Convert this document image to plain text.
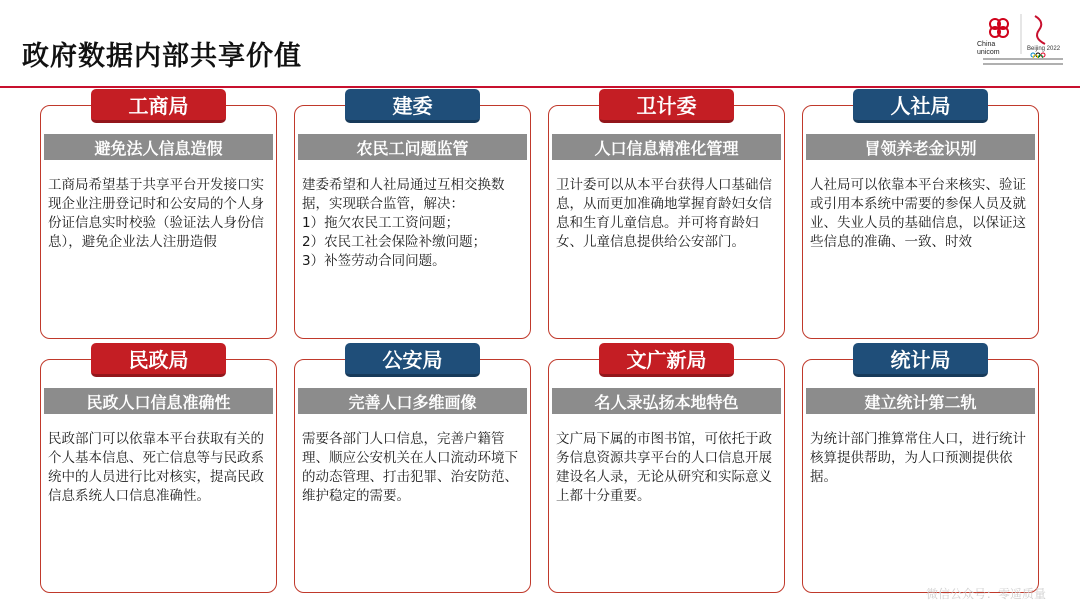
政府数据内部共享价值	China
unicom	Beijing 2022
工商局
避免法人信息造假
工商局希望基于共享平台开发接口实现企业注册登记时和公安局的个人身份证信息实时校验（验证法人身份信息），避免企业法人注册造假
建委
农民工问题监管
建委希望和人社局通过互相交换数据，实现联合监管，解决：
1）拖欠农民工工资问题；
2）农民工社会保险补缴问题；
3）补签劳动合同问题。
卫计委
人口信息精准化管理
卫计委可以从本平台获得人口基础信息，从而更加准确地掌握育龄妇女信息和生育儿童信息。并可将育龄妇女、儿童信息提供给公安部门。
人社局
冒领养老金识别
人社局可以依靠本平台来核实、验证或引用本系统中需要的参保人员及就业、失业人员的基础信息，以保证这些信息的准确、一致、时效
民政局
民政人口信息准确性
民政部门可以依靠本平台获取有关的个人基本信息、死亡信息等与民政系统中的人员进行比对核实，提高民政信息系统人口信息准确性。
公安局
完善人口多维画像
需要各部门人口信息，完善户籍管理、顺应公安机关在人口流动环境下的动态管理、打击犯罪、治安防范、维护稳定的需要。
文广新局
名人录弘扬本地特色
文广局下属的市图书馆，可依托于政务信息资源共享平台的人口信息开展建设名人录，无论从研究和实际意义上都十分重要。
统计局
建立统计第二轨
为统计部门推算常住人口，进行统计核算提供帮助，为人口预测提供依据。
微信公众号：零遥质量
